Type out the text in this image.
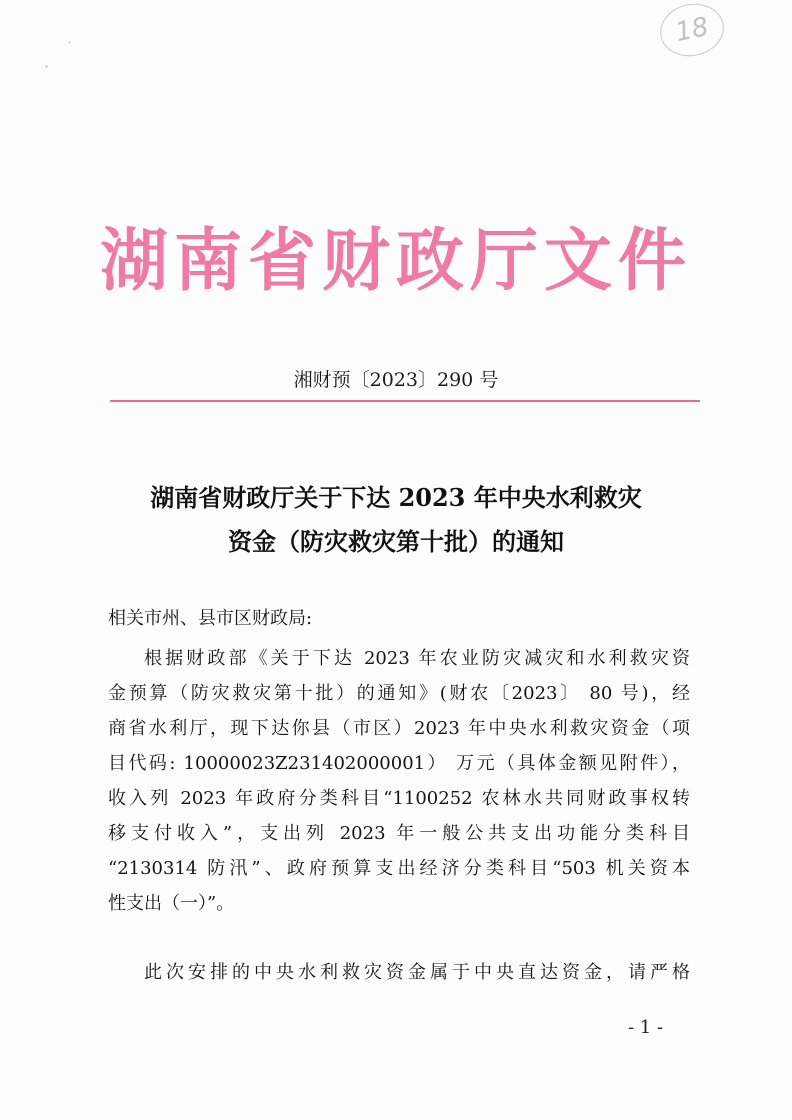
·
ˇ
18
湖南省财政厅文件
湘财预〔2023〕290 号
湖南省财政厅关于下达 2023 年中央水利救灾
资金（防灾救灾第十批）的通知
相关市州、县市区财政局:
根据财政部《关于下达 2023 年农业防灾减灾和水利救灾资
金预算（防灾救灾第十批）的通知》(财农〔2023〕 80 号)，经
商省水利厅，现下达你县（市区）2023 年中央水利救灾资金（项
目代码: 10000023Z231402000001） 万元（具体金额见附件），
收入列 2023 年政府分类科目“1100252 农林水共同财政事权转
移支付收入”，支出列 2023 年一般公共支出功能分类科目
“2130314 防汛”、政府预算支出经济分类科目“503 机关资本
性支出（一）”。
此次安排的中央水利救灾资金属于中央直达资金，请严格
- 1 -
